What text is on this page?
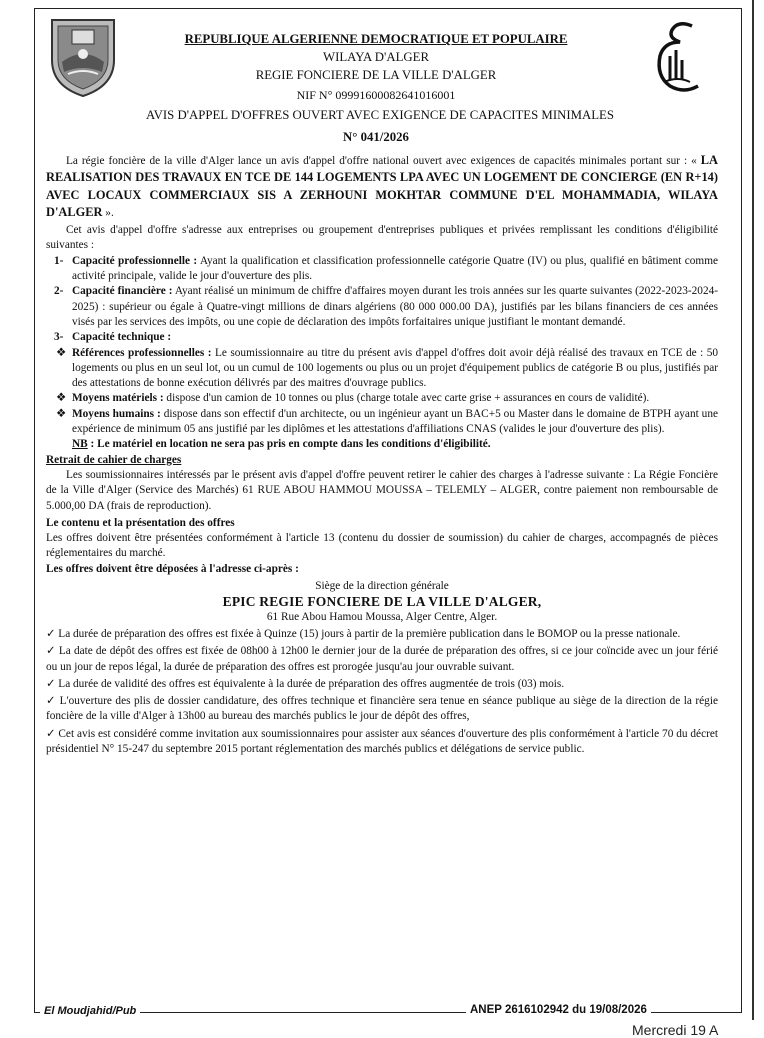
REPUBLIQUE ALGERIENNE DEMOCRATIQUE ET POPULAIRE
WILAYA D'ALGER
REGIE FONCIERE DE LA VILLE D'ALGER
NIF N° 099916000826410160​01
AVIS D'APPEL D'OFFRES OUVERT AVEC EXIGENCE DE CAPACITES MINIMALES
N° 041/2026

La régie foncière de la ville d'Alger lance un avis d'appel d'offre national ouvert avec exigences de capacités minimales portant sur : « LA REALISATION DES TRAVAUX EN TCE DE 144 LOGEMENTS LPA AVEC UN LOGEMENT DE CONCIERGE (EN R+14) AVEC LOCAUX COMMERCIAUX SIS A ZERHOUNI MOKHTAR COMMUNE D'EL MOHAMMADIA, WILAYA D'ALGER ».

Cet avis d'appel d'offre s'adresse aux entreprises ou groupement d'entreprises publiques et privées remplissant les conditions d'éligibilité suivantes :

1- Capacité professionnelle : Ayant la qualification et classification professionnelle catégorie Quatre (IV) ou plus, qualifié en bâtiment comme activité principale, valide le jour d'ouverture des plis.

2- Capacité financière : Ayant réalisé un minimum de chiffre d'affaires moyen durant les trois années sur les quarte suivantes (2022-2023-2024-2025) : supérieur ou égale à Quatre-vingt millions de dinars algériens (80 000 000.00 DA), justifiés par les bilans financiers de ces années visés par les services des impôts, ou une copie de déclaration des impôts forfaitaires unique justifiant le montant demandé.

3- Capacité technique :

❖ Références professionnelles : Le soumissionnaire au titre du présent avis d'appel d'offres doit avoir déjà réalisé des travaux en TCE de : 50 logements ou plus en un seul lot, ou un cumul de 100 logements ou plus ou un projet d'équipement publics de catégorie B ou plus, justifiés par des attestations de bonne exécution délivrés par des maitres d'ouvrage publics.

❖ Moyens matériels : dispose d'un camion de 10 tonnes ou plus (charge totale avec carte grise + assurances en cours de validité).

❖ Moyens humains : dispose dans son effectif d'un architecte, ou un ingénieur ayant un BAC+5 ou Master dans le domaine de BTPH ayant une expérience de minimum 05 ans justifié par les diplômes et les attestations d'affiliations CNAS (valides le jour d'ouverture des plis).

NB : Le matériel en location ne sera pas pris en compte dans les conditions d'éligibilité.

Retrait de cahier de charges

Les soumissionnaires intéressés par le présent avis d'appel d'offre peuvent retirer le cahier des charges à l'adresse suivante : La Régie Foncière de la Ville d'Alger (Service des Marchés) 61 RUE ABOU HAMMOU MOUSSA – TELEMLY – ALGER, contre paiement non remboursable de 5.000,00 DA (frais de reproduction).

Le contenu et la présentation des offres

Les offres doivent être présentées conformément à l'article 13 (contenu du dossier de soumission) du cahier de charges, accompagnés de pièces réglementaires du marché.

Les offres doivent être déposées à l'adresse ci-après :

Siège de la direction générale

EPIC REGIE FONCIERE DE LA VILLE D'ALGER,

61 Rue Abou Hamou Moussa, Alger Centre, Alger.

✓ La durée de préparation des offres est fixée à Quinze (15) jours à partir de la première publication dans le BOMOP ou la presse nationale.

✓ La date de dépôt des offres est fixée de 08h00 à 12h00 le dernier jour de la durée de préparation des offres, si ce jour coïncide avec un jour férié ou un jour de repos légal, la durée de préparation des offres est prorogée jusqu'au jour ouvrable suivant.

✓ La durée de validité des offres est équivalente à la durée de préparation des offres augmentée de trois (03) mois.

✓ L'ouverture des plis de dossier candidature, des offres technique et financière sera tenue en séance publique au siège de la direction de la régie foncière de la ville d'Alger à 13h00 au bureau des marchés publics le jour de dépôt des offres,

✓ Cet avis est considéré comme invitation aux soumissionnaires pour assister aux séances d'ouverture des plis conformément à l'article 70 du décret présidentiel N° 15-247 du septembre 2015 portant réglementation des marchés publics et délégations de service public.

El Moudjahid/Pub	ANEP 2616102942 du 19/08/2026
Mercredi 19 A
